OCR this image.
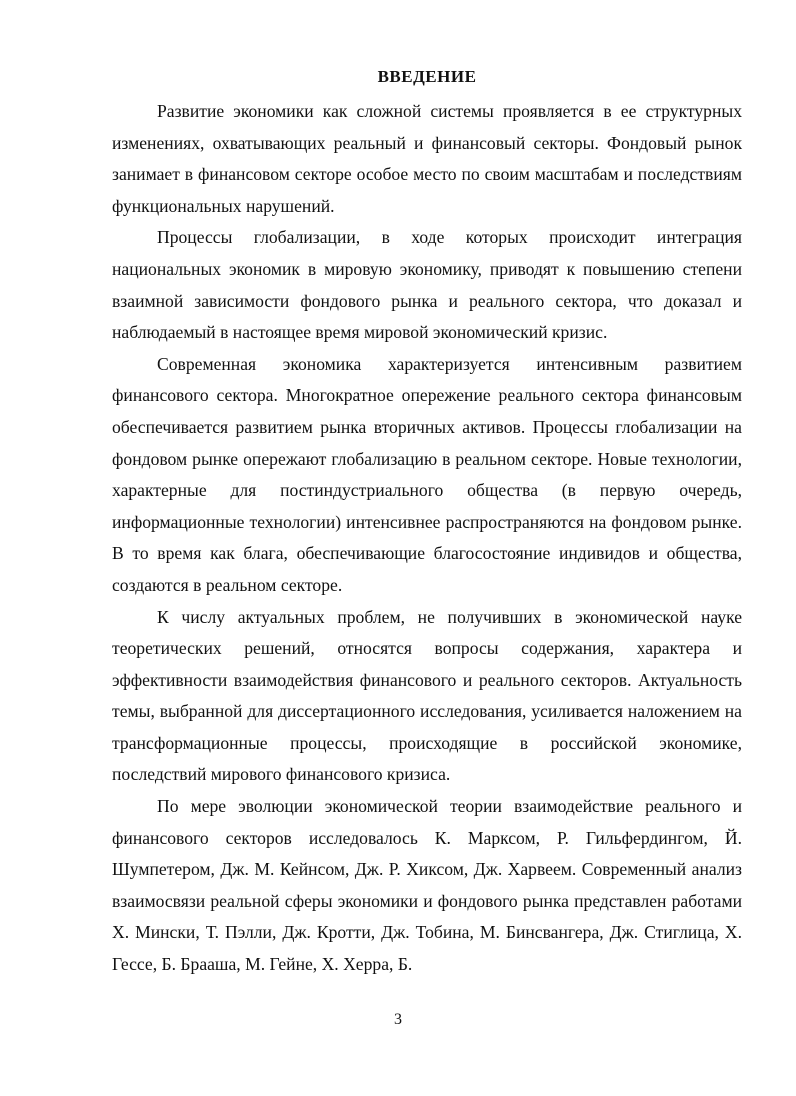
ВВЕДЕНИЕ

Развитие экономики как сложной системы проявляется в ее структурных изменениях, охватывающих реальный и финансовый секторы. Фондовый рынок занимает в финансовом секторе особое место по своим масштабам и последствиям функциональных нарушений.

Процессы глобализации, в ходе которых происходит интеграция национальных экономик в мировую экономику, приводят к повышению степени взаимной зависимости фондового рынка и реального сектора, что доказал и наблюдаемый в настоящее время мировой экономический кризис.

Современная экономика характеризуется интенсивным развитием финансового сектора. Многократное опережение реального сектора финансовым обеспечивается развитием рынка вторичных активов. Процессы глобализации на фондовом рынке опережают глобализацию в реальном секторе. Новые технологии, характерные для постиндустриального общества (в первую очередь, информационные технологии) интенсивнее распространяются на фондовом рынке. В то время как блага, обеспечивающие благосостояние индивидов и общества, создаются в реальном секторе.

К числу актуальных проблем, не получивших в экономической науке теоретических решений, относятся вопросы содержания, характера и эффективности взаимодействия финансового и реального секторов. Актуальность темы, выбранной для диссертационного исследования, усиливается наложением на трансформационные процессы, происходящие в российской экономике, последствий мирового финансового кризиса.

По мере эволюции экономической теории взаимодействие реального и финансового секторов исследовалось К. Марксом, Р. Гильфердингом, Й. Шумпетером, Дж. М. Кейнсом, Дж. Р. Хиксом, Дж. Харвеем. Современный анализ взаимосвязи реальной сферы экономики и фондового рынка представлен работами Х. Мински, Т. Пэлли, Дж. Кротти, Дж. Тобина, М. Бинсвангера, Дж. Стиглица, Х. Гессе, Б. Брааша, М. Гейне, Х. Херра, Б.

3
